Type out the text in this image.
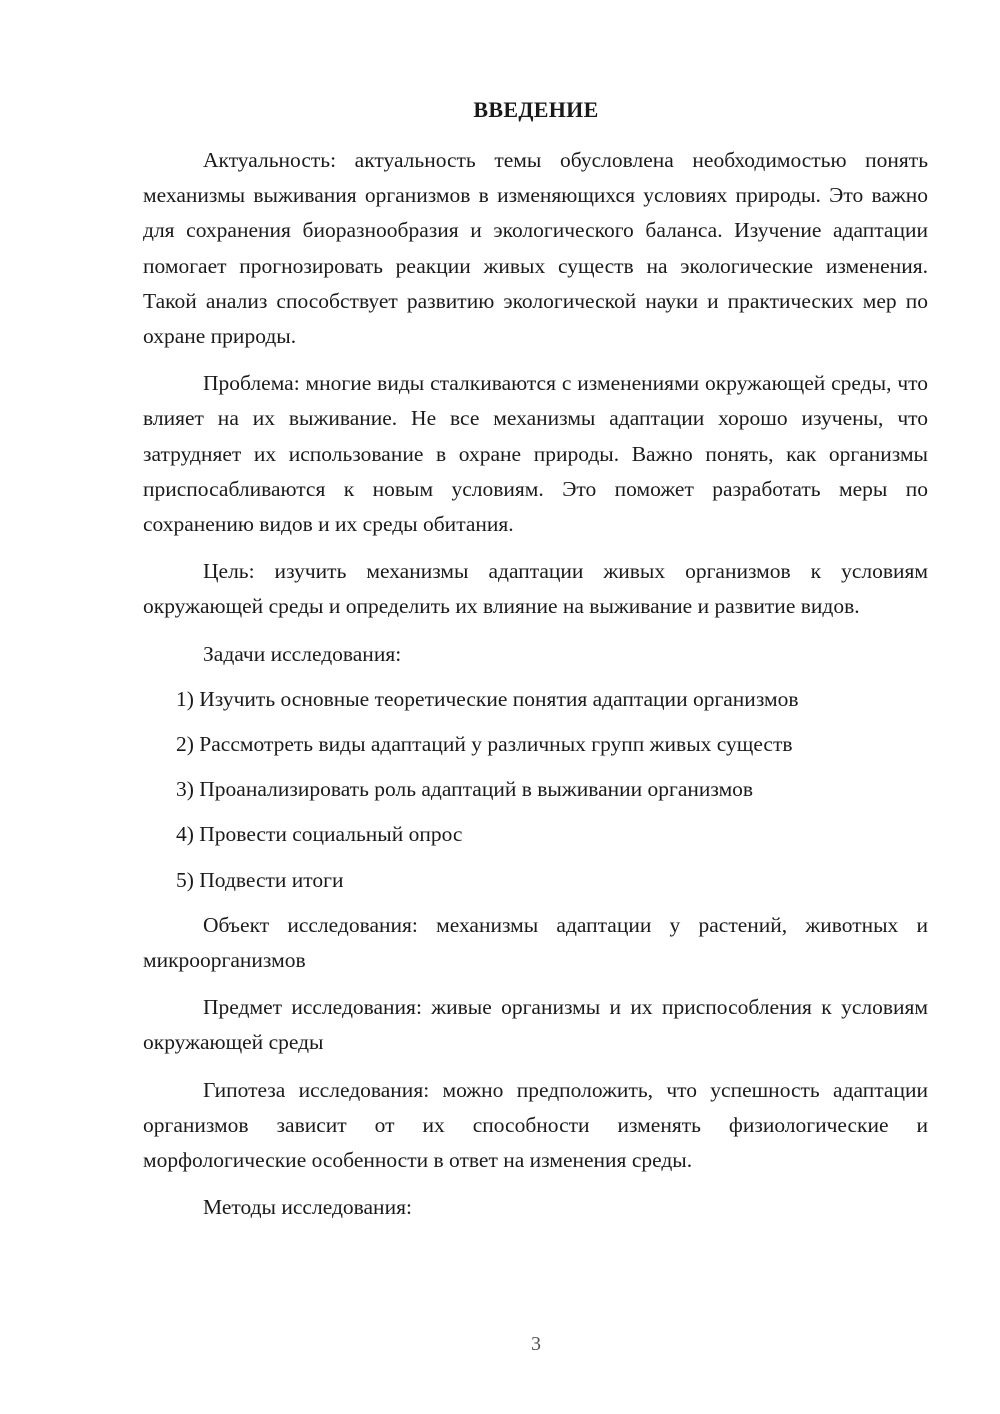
ВВЕДЕНИЕ

Актуальность: актуальность темы обусловлена необходимостью понять механизмы выживания организмов в изменяющихся условиях природы. Это важно для сохранения биоразнообразия и экологического баланса. Изучение адаптации помогает прогнозировать реакции живых существ на экологические изменения. Такой анализ способствует развитию экологической науки и практических мер по охране природы.

Проблема: многие виды сталкиваются с изменениями окружающей среды, что влияет на их выживание. Не все механизмы адаптации хорошо изучены, что затрудняет их использование в охране природы. Важно понять, как организмы приспосабливаются к новым условиям. Это поможет разработать меры по сохранению видов и их среды обитания.

Цель: изучить механизмы адаптации живых организмов к условиям окружающей среды и определить их влияние на выживание и развитие видов.

Задачи исследования:

1) Изучить основные теоретические понятия адаптации организмов
2) Рассмотреть виды адаптаций у различных групп живых существ
3) Проанализировать роль адаптаций в выживании организмов
4) Провести социальный опрос
5) Подвести итоги

Объект исследования: механизмы адаптации у растений, животных и микроорганизмов

Предмет исследования: живые организмы и их приспособления к условиям окружающей среды

Гипотеза исследования: можно предположить, что успешность адаптации организмов зависит от их способности изменять физиологические и морфологические особенности в ответ на изменения среды.

Методы исследования:

3
